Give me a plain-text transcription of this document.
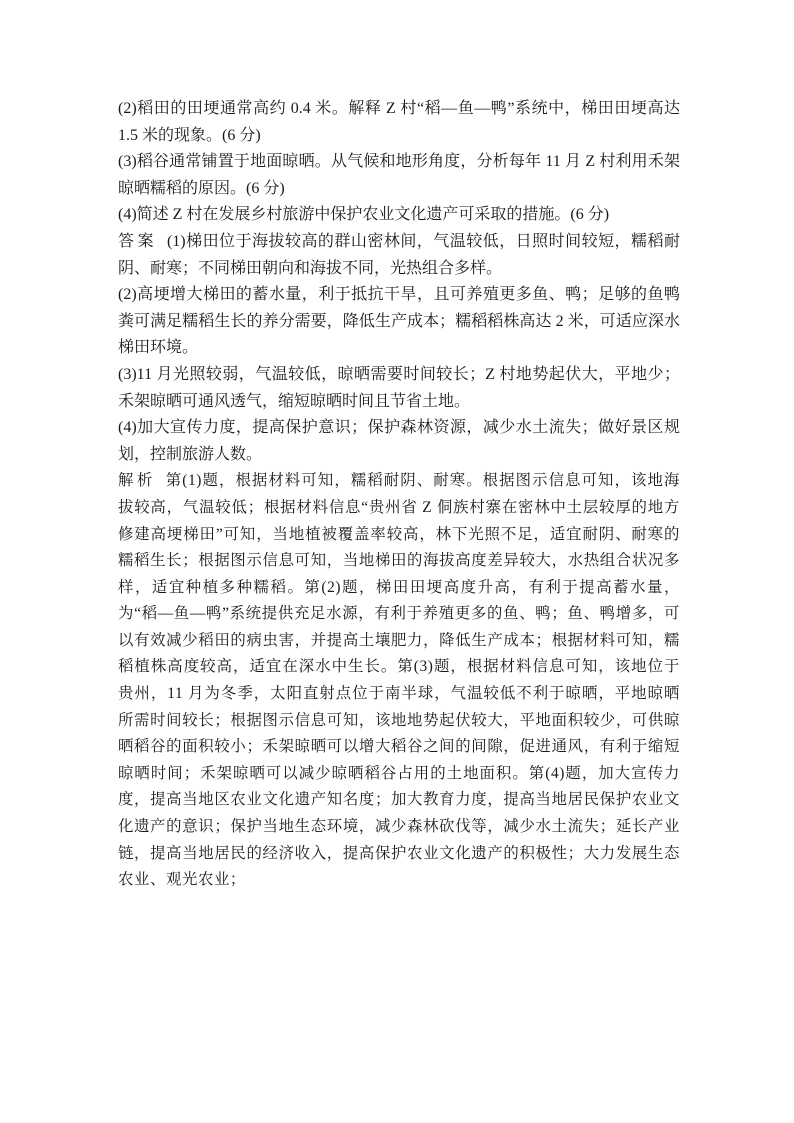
(2)稻田的田埂通常高约 0.4 米。解释 Z 村“稻—鱼—鸭”系统中，梯田田埂高达 1.5 米的现象。(6 分)

(3)稻谷通常铺置于地面晾晒。从气候和地形角度，分析每年 11 月 Z 村利用禾架晾晒糯稻的原因。(6 分)

(4)简述 Z 村在发展乡村旅游中保护农业文化遗产可采取的措施。(6 分)

答案 (1)梯田位于海拔较高的群山密林间，气温较低，日照时间较短，糯稻耐阴、耐寒；不同梯田朝向和海拔不同，光热组合多样。

(2)高埂增大梯田的蓄水量，利于抵抗干旱，且可养殖更多鱼、鸭；足够的鱼鸭粪可满足糯稻生长的养分需要，降低生产成本；糯稻稻株高达 2 米，可适应深水梯田环境。

(3)11 月光照较弱，气温较低，晾晒需要时间较长；Z 村地势起伏大，平地少；禾架晾晒可通风透气，缩短晾晒时间且节省土地。

(4)加大宣传力度，提高保护意识；保护森林资源，减少水土流失；做好景区规划，控制旅游人数。

解析 第(1)题，根据材料可知，糯稻耐阴、耐寒。根据图示信息可知，该地海拔较高，气温较低；根据材料信息“贵州省 Z 侗族村寨在密林中土层较厚的地方修建高埂梯田”可知，当地植被覆盖率较高，林下光照不足，适宜耐阴、耐寒的糯稻生长；根据图示信息可知，当地梯田的海拔高度差异较大，水热组合状况多样，适宜种植多种糯稻。第(2)题，梯田田埂高度升高，有利于提高蓄水量，为“稻—鱼—鸭”系统提供充足水源，有利于养殖更多的鱼、鸭；鱼、鸭增多，可以有效减少稻田的病虫害，并提高土壤肥力，降低生产成本；根据材料可知，糯稻植株高度较高，适宜在深水中生长。第(3)题，根据材料信息可知，该地位于贵州，11 月为冬季，太阳直射点位于南半球，气温较低不利于晾晒，平地晾晒所需时间较长；根据图示信息可知，该地地势起伏较大，平地面积较少，可供晾晒稻谷的面积较小；禾架晾晒可以增大稻谷之间的间隙，促进通风，有利于缩短晾晒时间；禾架晾晒可以减少晾晒稻谷占用的土地面积。第(4)题，加大宣传力度，提高当地区农业文化遗产知名度；加大教育力度，提高当地居民保护农业文化遗产的意识；保护当地生态环境，减少森林砍伐等，减少水土流失；延长产业链，提高当地居民的经济收入，提高保护农业文化遗产的积极性；大力发展生态农业、观光农业；
